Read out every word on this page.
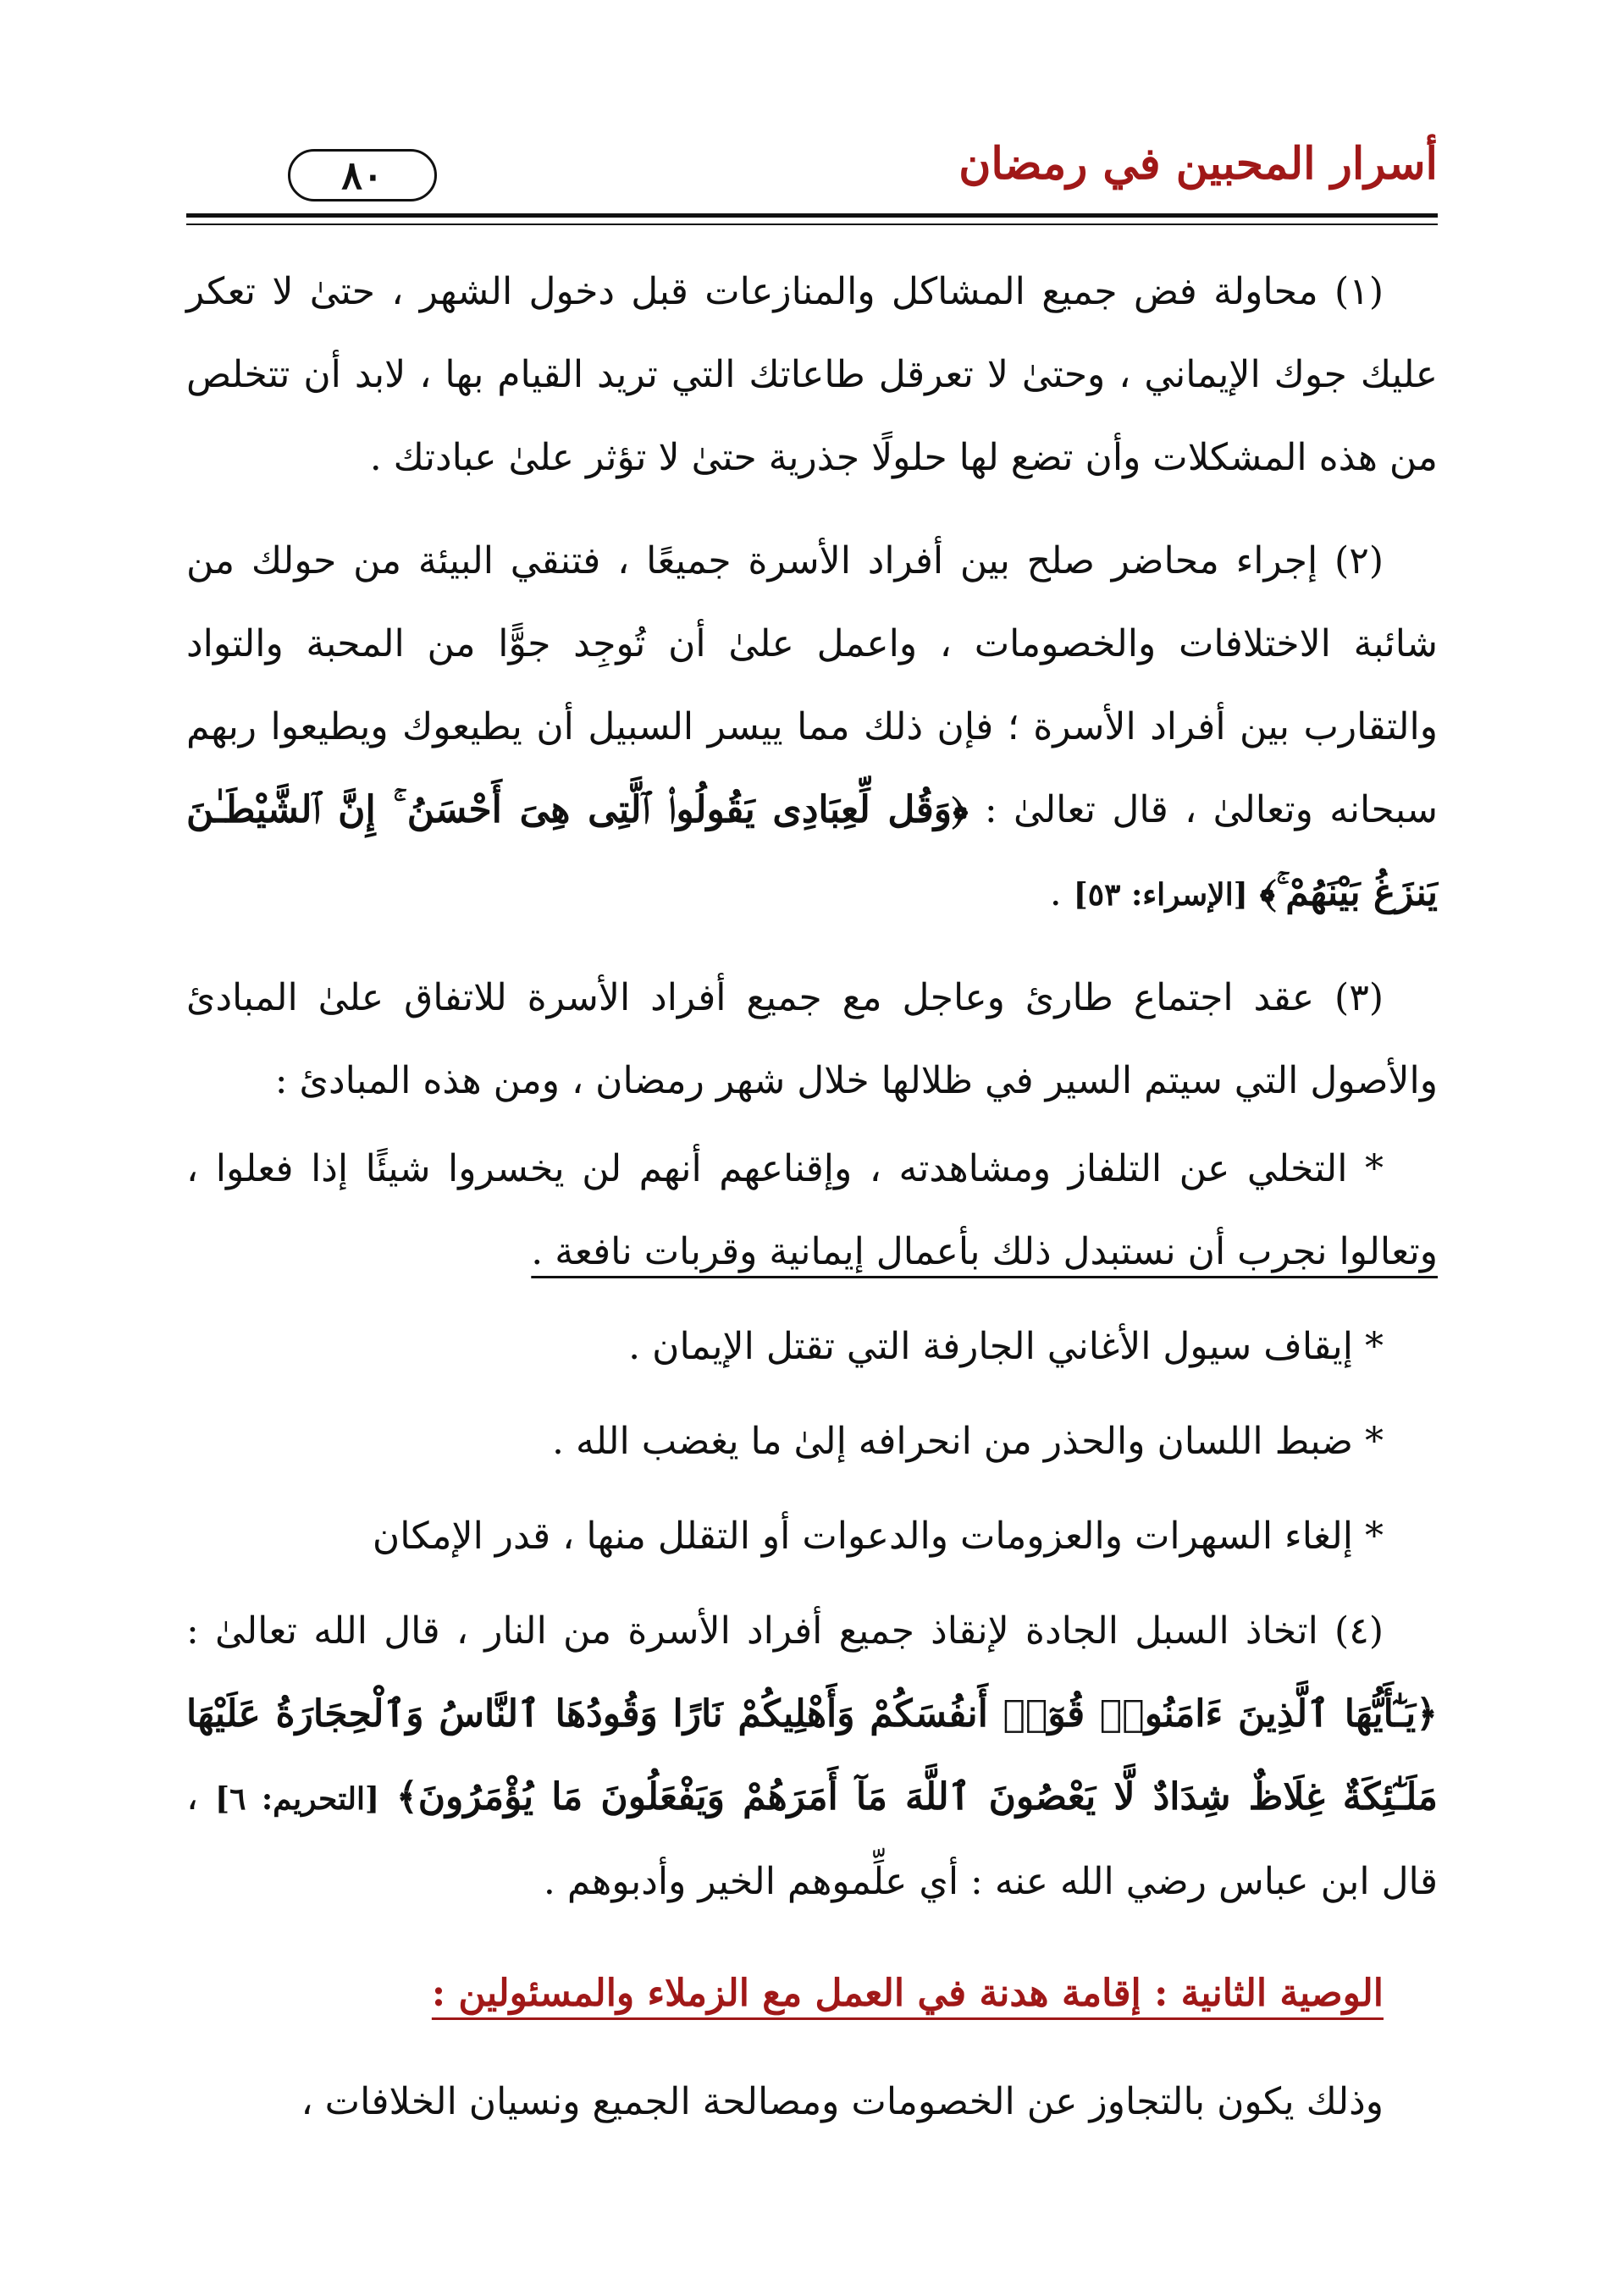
أسرار المحبين في رمضان
٨٠

(١) محاولة فض جميع المشاكل والمنازعات قبل دخول الشهر ، حتىٰ لا تعكر عليك جوك الإيماني ، وحتىٰ لا تعرقل طاعاتك التي تريد القيام بها ، لابد أن تتخلص من هذه المشكلات وأن تضع لها حلولًا جذرية حتىٰ لا تؤثر علىٰ عبادتك .

(٢) إجراء محاضر صلح بين أفراد الأسرة جميعًا ، فتنقي البيئة من حولك من شائبة الاختلافات والخصومات ، واعمل علىٰ أن تُوجِد جوًّا من المحبة والتواد والتقارب بين أفراد الأسرة ؛ فإن ذلك مما ييسر السبيل أن يطيعوك ويطيعوا ربهم سبحانه وتعالىٰ ، قال تعالىٰ : ﴿وَقُل لِّعِبَادِى يَقُولُوا۟ ٱلَّتِى هِىَ أَحْسَنُ ۚ إِنَّ ٱلشَّيْطَـٰنَ يَنزَغُ بَيْنَهُمْ ۚ﴾ [الإسراء: ٥٣] .

(٣) عقد اجتماع طارئ وعاجل مع جميع أفراد الأسرة للاتفاق علىٰ المبادئ والأصول التي سيتم السير في ظلالها خلال شهر رمضان ، ومن هذه المبادئ :

* التخلي عن التلفاز ومشاهدته ، وإقناعهم أنهم لن يخسروا شيئًا إذا فعلوا ، وتعالوا نجرب أن نستبدل ذلك بأعمال إيمانية وقربات نافعة .

* إيقاف سيول الأغاني الجارفة التي تقتل الإيمان .

* ضبط اللسان والحذر من انحرافه إلىٰ ما يغضب الله .

* إلغاء السهرات والعزومات والدعوات أو التقلل منها ، قدر الإمكان

(٤) اتخاذ السبل الجادة لإنقاذ جميع أفراد الأسرة من النار ، قال الله تعالىٰ : ﴿يَـٰٓأَيُّهَا ٱلَّذِينَ ءَامَنُوا۟ قُوٓا۟ أَنفُسَكُمْ وَأَهْلِيكُمْ نَارًا وَقُودُهَا ٱلنَّاسُ وَٱلْحِجَارَةُ عَلَيْهَا مَلَـٰٓئِكَةٌ غِلَاظٌ شِدَادٌ لَّا يَعْصُونَ ٱللَّهَ مَآ أَمَرَهُمْ وَيَفْعَلُونَ مَا يُؤْمَرُونَ﴾ [التحريم: ٦] ، قال ابن عباس رضي الله عنه : أي علِّموهم الخير وأدبوهم .

الوصية الثانية : إقامة هدنة في العمل مع الزملاء والمسئولين :

وذلك يكون بالتجاوز عن الخصومات ومصالحة الجميع ونسيان الخلافات ،
